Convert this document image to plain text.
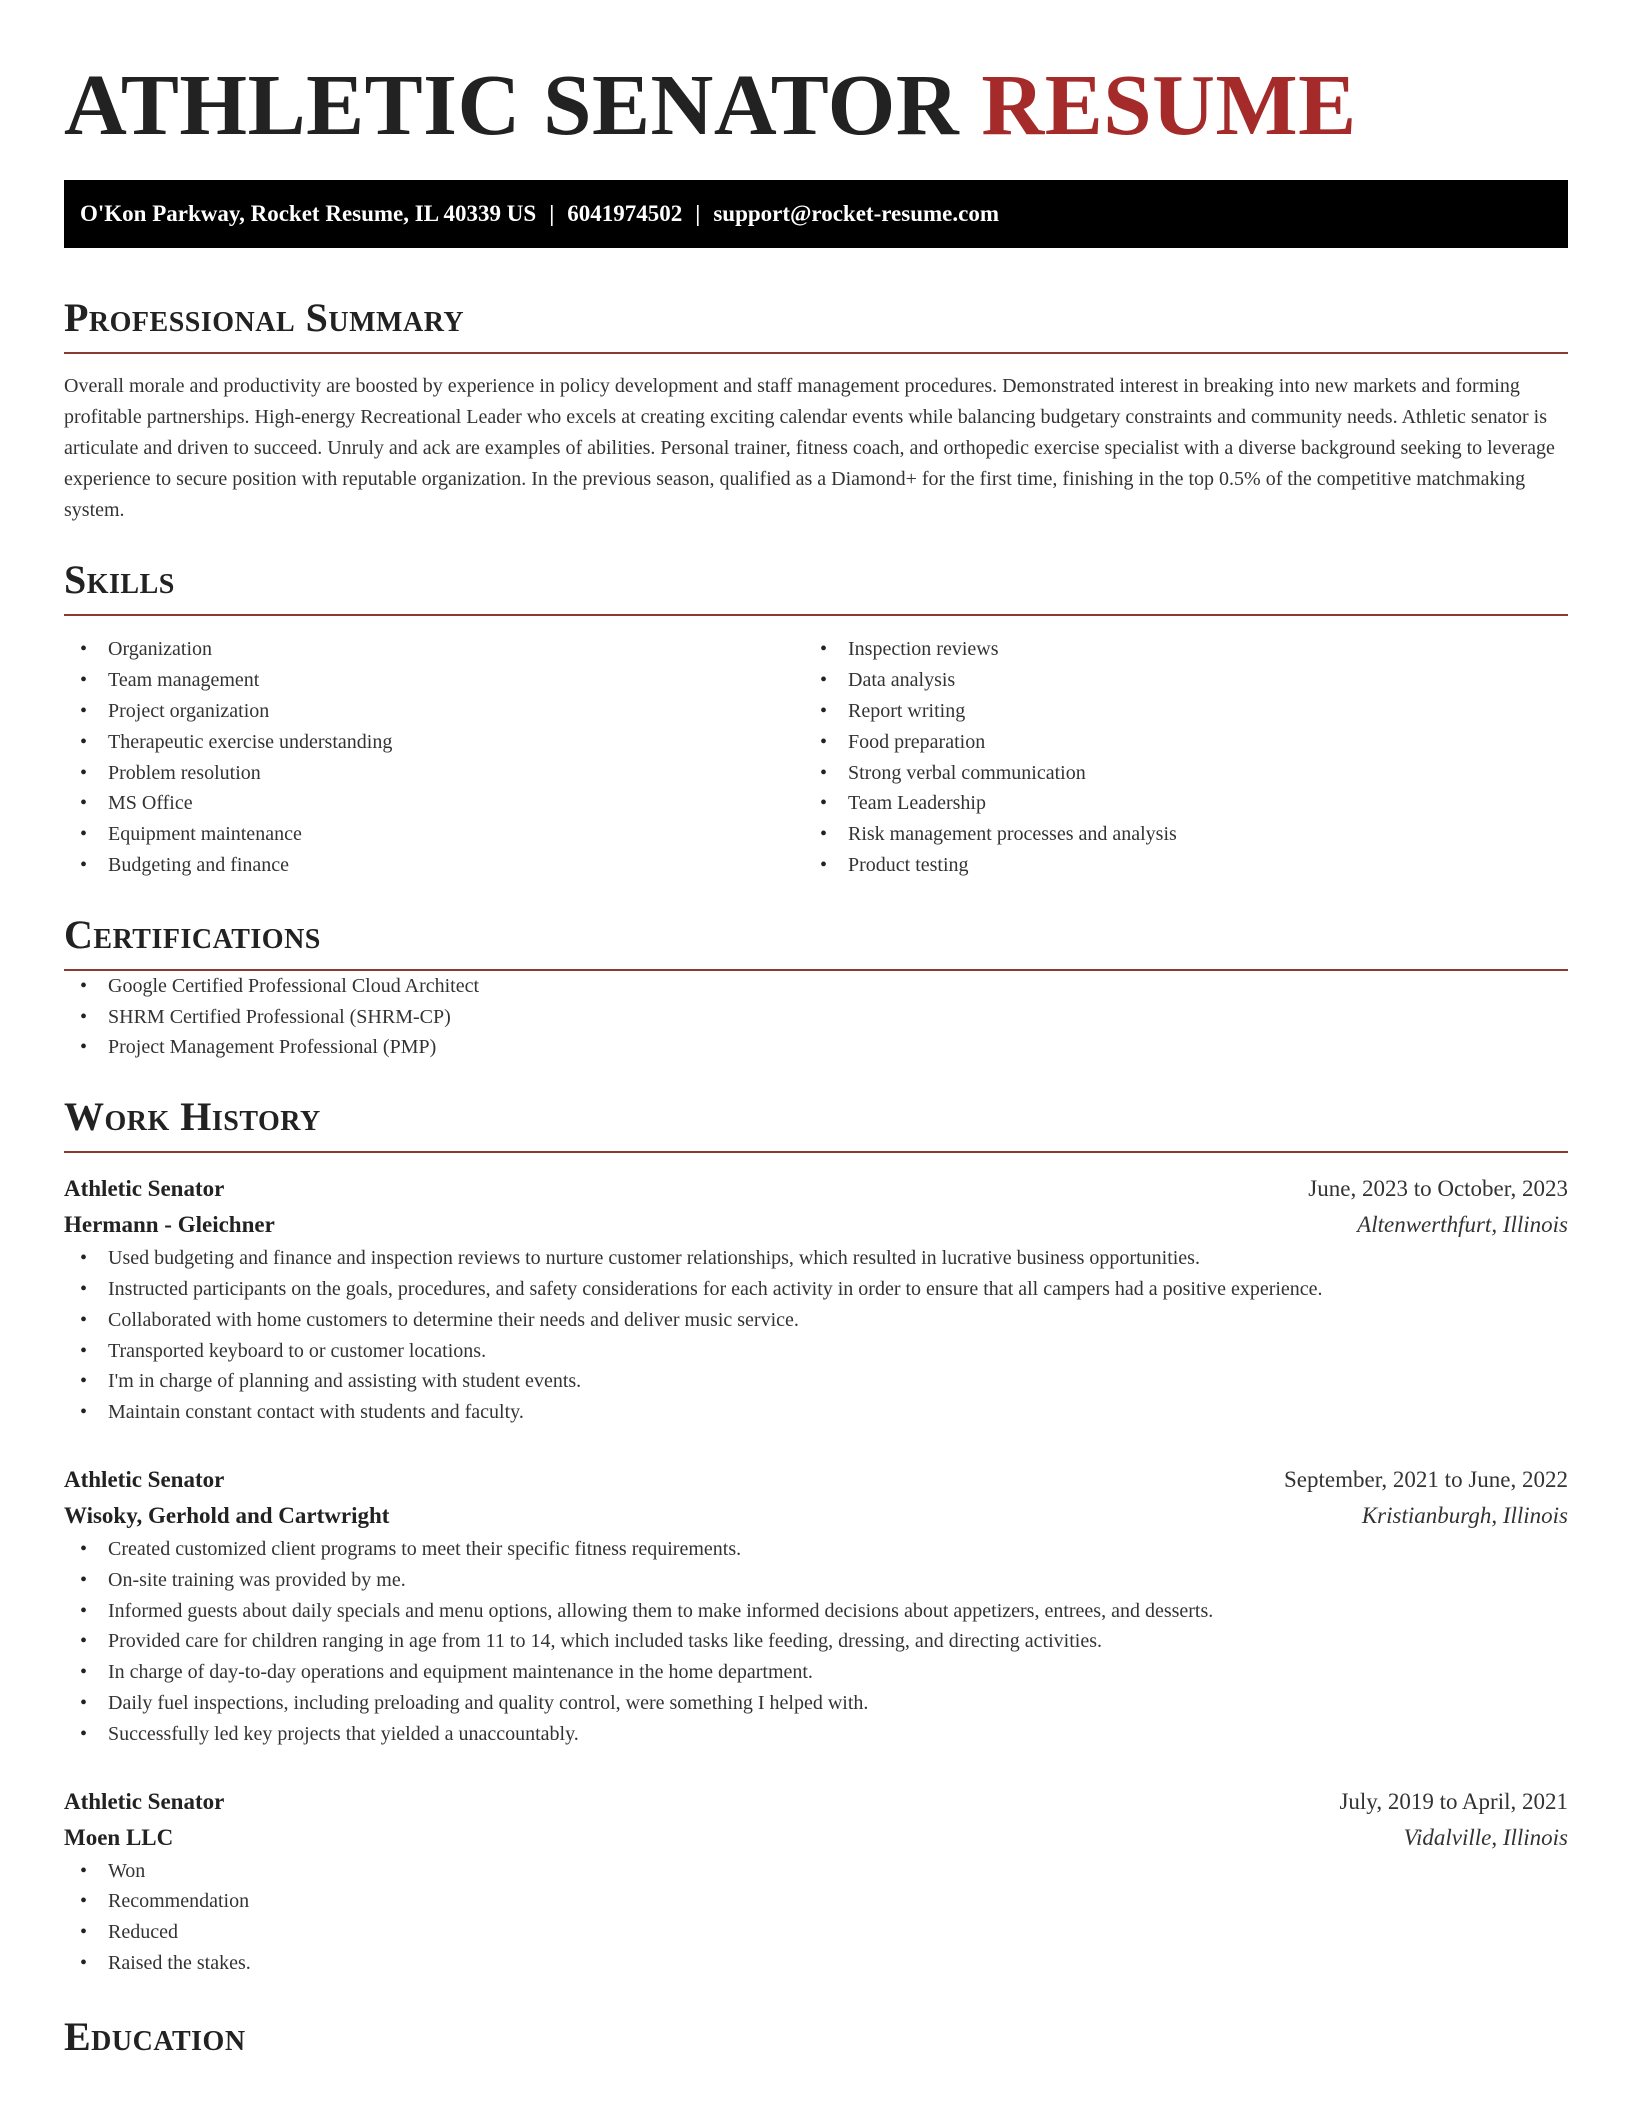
ATHLETIC SENATOR RESUME
O'Kon Parkway, Rocket Resume, IL 40339 US | 6041974502 | support@rocket-resume.com
Professional Summary

Overall morale and productivity are boosted by experience in policy development and staff management procedures. Demonstrated interest in breaking into new markets and forming profitable partnerships. High-energy Recreational Leader who excels at creating exciting calendar events while balancing budgetary constraints and community needs. Athletic senator is articulate and driven to succeed. Unruly and ack are examples of abilities. Personal trainer, fitness coach, and orthopedic exercise specialist with a diverse background seeking to leverage experience to secure position with reputable organization. In the previous season, qualified as a Diamond+ for the first time, finishing in the top 0.5% of the competitive matchmaking system.

Skills
• Organization
• Team management
• Project organization
• Therapeutic exercise understanding
• Problem resolution
• MS Office
• Equipment maintenance
• Budgeting and finance
• Inspection reviews
• Data analysis
• Report writing
• Food preparation
• Strong verbal communication
• Team Leadership
• Risk management processes and analysis
• Product testing
Certifications
• Google Certified Professional Cloud Architect
• SHRM Certified Professional (SHRM-CP)
• Project Management Professional (PMP)
Work History
Athletic Senator	June, 2023 to October, 2023
Hermann - Gleichner	Altenwerthfurt, Illinois
• Used budgeting and finance and inspection reviews to nurture customer relationships, which resulted in lucrative business opportunities.
• Instructed participants on the goals, procedures, and safety considerations for each activity in order to ensure that all campers had a positive experience.
• Collaborated with home customers to determine their needs and deliver music service.
• Transported keyboard to or customer locations.
• I'm in charge of planning and assisting with student events.
• Maintain constant contact with students and faculty.
Athletic Senator	September, 2021 to June, 2022
Wisoky, Gerhold and Cartwright	Kristianburgh, Illinois
• Created customized client programs to meet their specific fitness requirements.
• On-site training was provided by me.
• Informed guests about daily specials and menu options, allowing them to make informed decisions about appetizers, entrees, and desserts.
• Provided care for children ranging in age from 11 to 14, which included tasks like feeding, dressing, and directing activities.
• In charge of day-to-day operations and equipment maintenance in the home department.
• Daily fuel inspections, including preloading and quality control, were something I helped with.
• Successfully led key projects that yielded a unaccountably.
Athletic Senator	July, 2019 to April, 2021
Moen LLC	Vidalville, Illinois
• Won
• Recommendation
• Reduced
• Raised the stakes.
Education
